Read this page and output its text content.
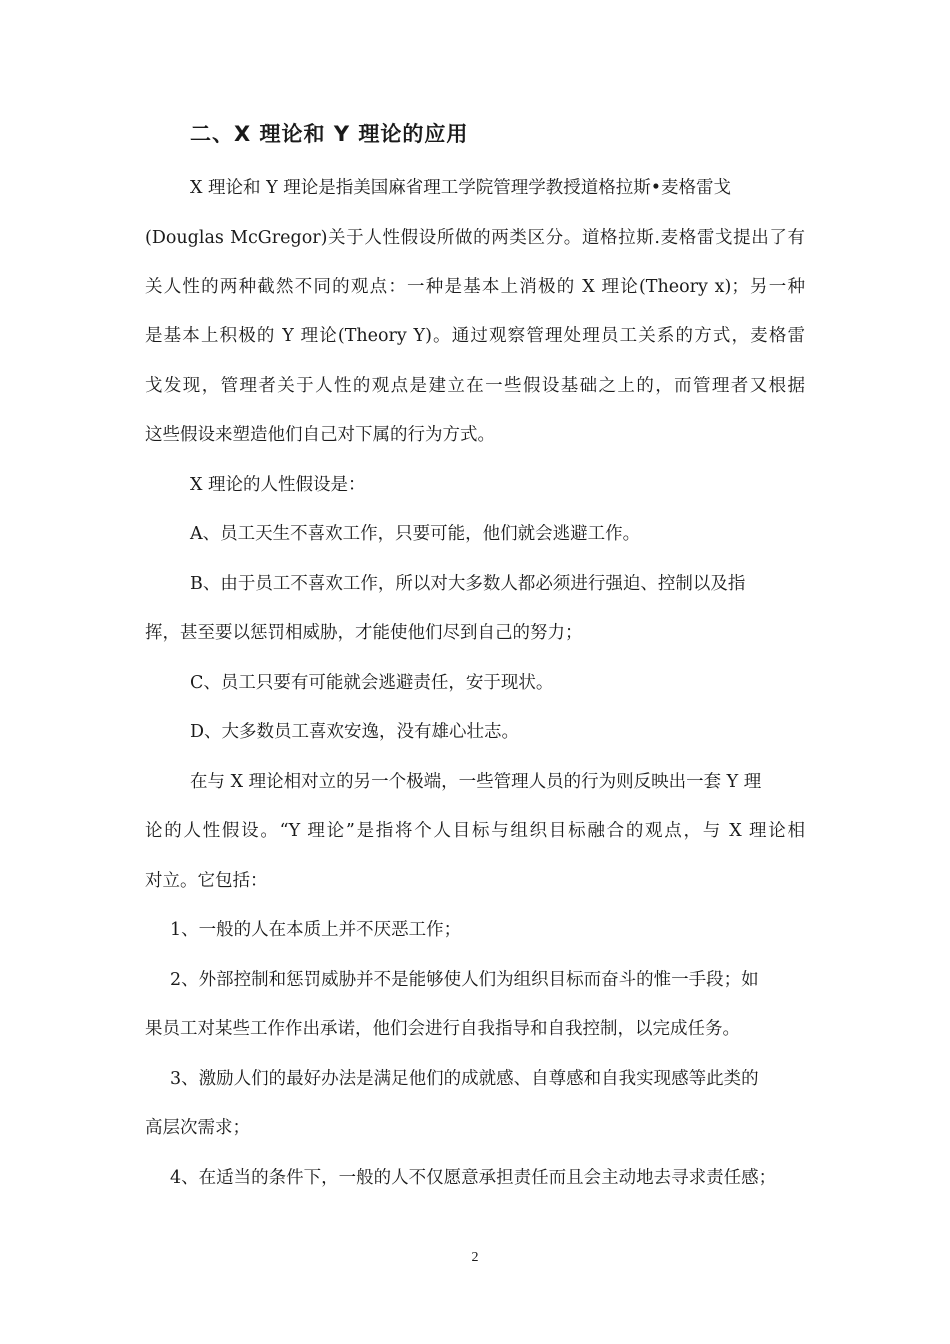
二、X 理论和 Y 理论的应用
X 理论和 Y 理论是指美国麻省理工学院管理学教授道格拉斯•麦格雷戈
(Douglas McGregor)关于人性假设所做的两类区分。道格拉斯.麦格雷戈提出了有
关人性的两种截然不同的观点：一种是基本上消极的 X 理论(Theory x)；另一种
是基本上积极的 Y 理论(Theory Y)。通过观察管理处理员工关系的方式，麦格雷
戈发现，管理者关于人性的观点是建立在一些假设基础之上的，而管理者又根据
这些假设来塑造他们自己对下属的行为方式。
X 理论的人性假设是：
A、员工天生不喜欢工作，只要可能，他们就会逃避工作。
B、由于员工不喜欢工作，所以对大多数人都必须进行强迫、控制以及指
挥，甚至要以惩罚相威胁，才能使他们尽到自己的努力；
C、员工只要有可能就会逃避责任，安于现状。
D、大多数员工喜欢安逸，没有雄心壮志。
在与 X 理论相对立的另一个极端，一些管理人员的行为则反映出一套 Y 理
论的人性假设。“Y 理论”是指将个人目标与组织目标融合的观点，与 X 理论相
对立。它包括：
1、一般的人在本质上并不厌恶工作；
2、外部控制和惩罚威胁并不是能够使人们为组织目标而奋斗的惟一手段；如
果员工对某些工作作出承诺，他们会进行自我指导和自我控制，以完成任务。
3、激励人们的最好办法是满足他们的成就感、自尊感和自我实现感等此类的
高层次需求；
4、在适当的条件下，一般的人不仅愿意承担责任而且会主动地去寻求责任感；
2
